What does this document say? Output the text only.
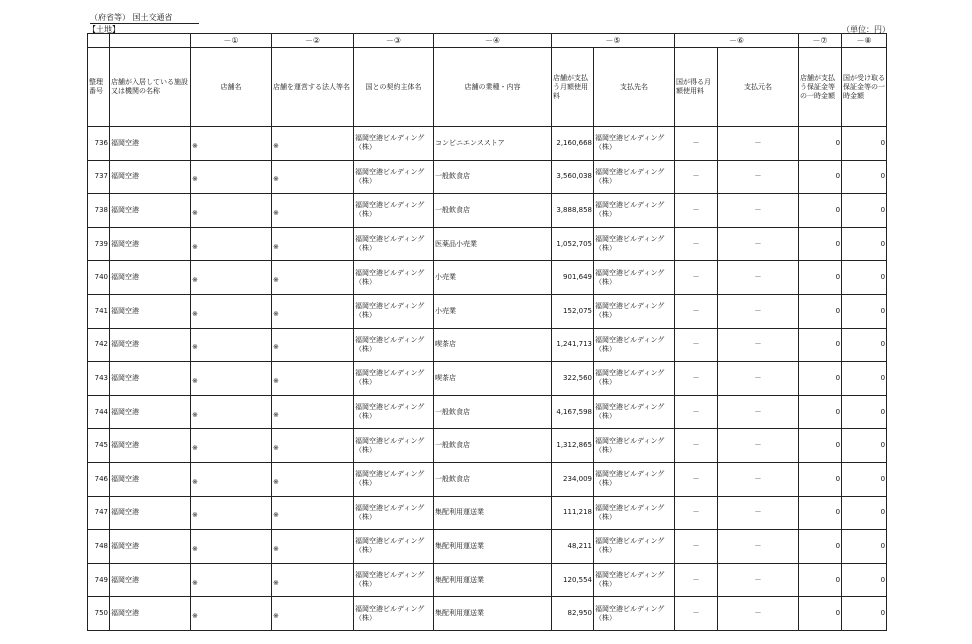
（府省等） 国土交通省
【土地】	（単位：円）
		－①	－②	－③	－④	－⑤		－⑥		－⑦	－⑧
整理番号	店舗が入居している施設又は機関の名称	店舗名	店舗を運営する法人等名	国との契約主体名	店舗の業種・内容	店舗が支払う月額使用料	支払先名	国が得る月額使用料	支払元名	店舗が支払う保証金等の一時金額	国が受け取る保証金等の一時金額
736	福岡空港	※	※	福岡空港ビルディング（株）	コンビニエンスストア	2,160,668	福岡空港ビルディング（株）	－	－	0	0
737	福岡空港	※	※	福岡空港ビルディング（株）	一般飲食店	3,560,038	福岡空港ビルディング（株）	－	－	0	0
738	福岡空港	※	※	福岡空港ビルディング（株）	一般飲食店	3,888,858	福岡空港ビルディング（株）	－	－	0	0
739	福岡空港	※	※	福岡空港ビルディング（株）	医薬品小売業	1,052,705	福岡空港ビルディング（株）	－	－	0	0
740	福岡空港	※	※	福岡空港ビルディング（株）	小売業	901,649	福岡空港ビルディング（株）	－	－	0	0
741	福岡空港	※	※	福岡空港ビルディング（株）	小売業	152,075	福岡空港ビルディング（株）	－	－	0	0
742	福岡空港	※	※	福岡空港ビルディング（株）	喫茶店	1,241,713	福岡空港ビルディング（株）	－	－	0	0
743	福岡空港	※	※	福岡空港ビルディング（株）	喫茶店	322,560	福岡空港ビルディング（株）	－	－	0	0
744	福岡空港	※	※	福岡空港ビルディング（株）	一般飲食店	4,167,598	福岡空港ビルディング（株）	－	－	0	0
745	福岡空港	※	※	福岡空港ビルディング（株）	一般飲食店	1,312,865	福岡空港ビルディング（株）	－	－	0	0
746	福岡空港	※	※	福岡空港ビルディング（株）	一般飲食店	234,009	福岡空港ビルディング（株）	－	－	0	0
747	福岡空港	※	※	福岡空港ビルディング（株）	集配利用運送業	111,218	福岡空港ビルディング（株）	－	－	0	0
748	福岡空港	※	※	福岡空港ビルディング（株）	集配利用運送業	48,211	福岡空港ビルディング（株）	－	－	0	0
749	福岡空港	※	※	福岡空港ビルディング（株）	集配利用運送業	120,554	福岡空港ビルディング（株）	－	－	0	0
750	福岡空港	※	※	福岡空港ビルディング（株）	集配利用運送業	82,950	福岡空港ビルディング（株）	－	－	0	0
